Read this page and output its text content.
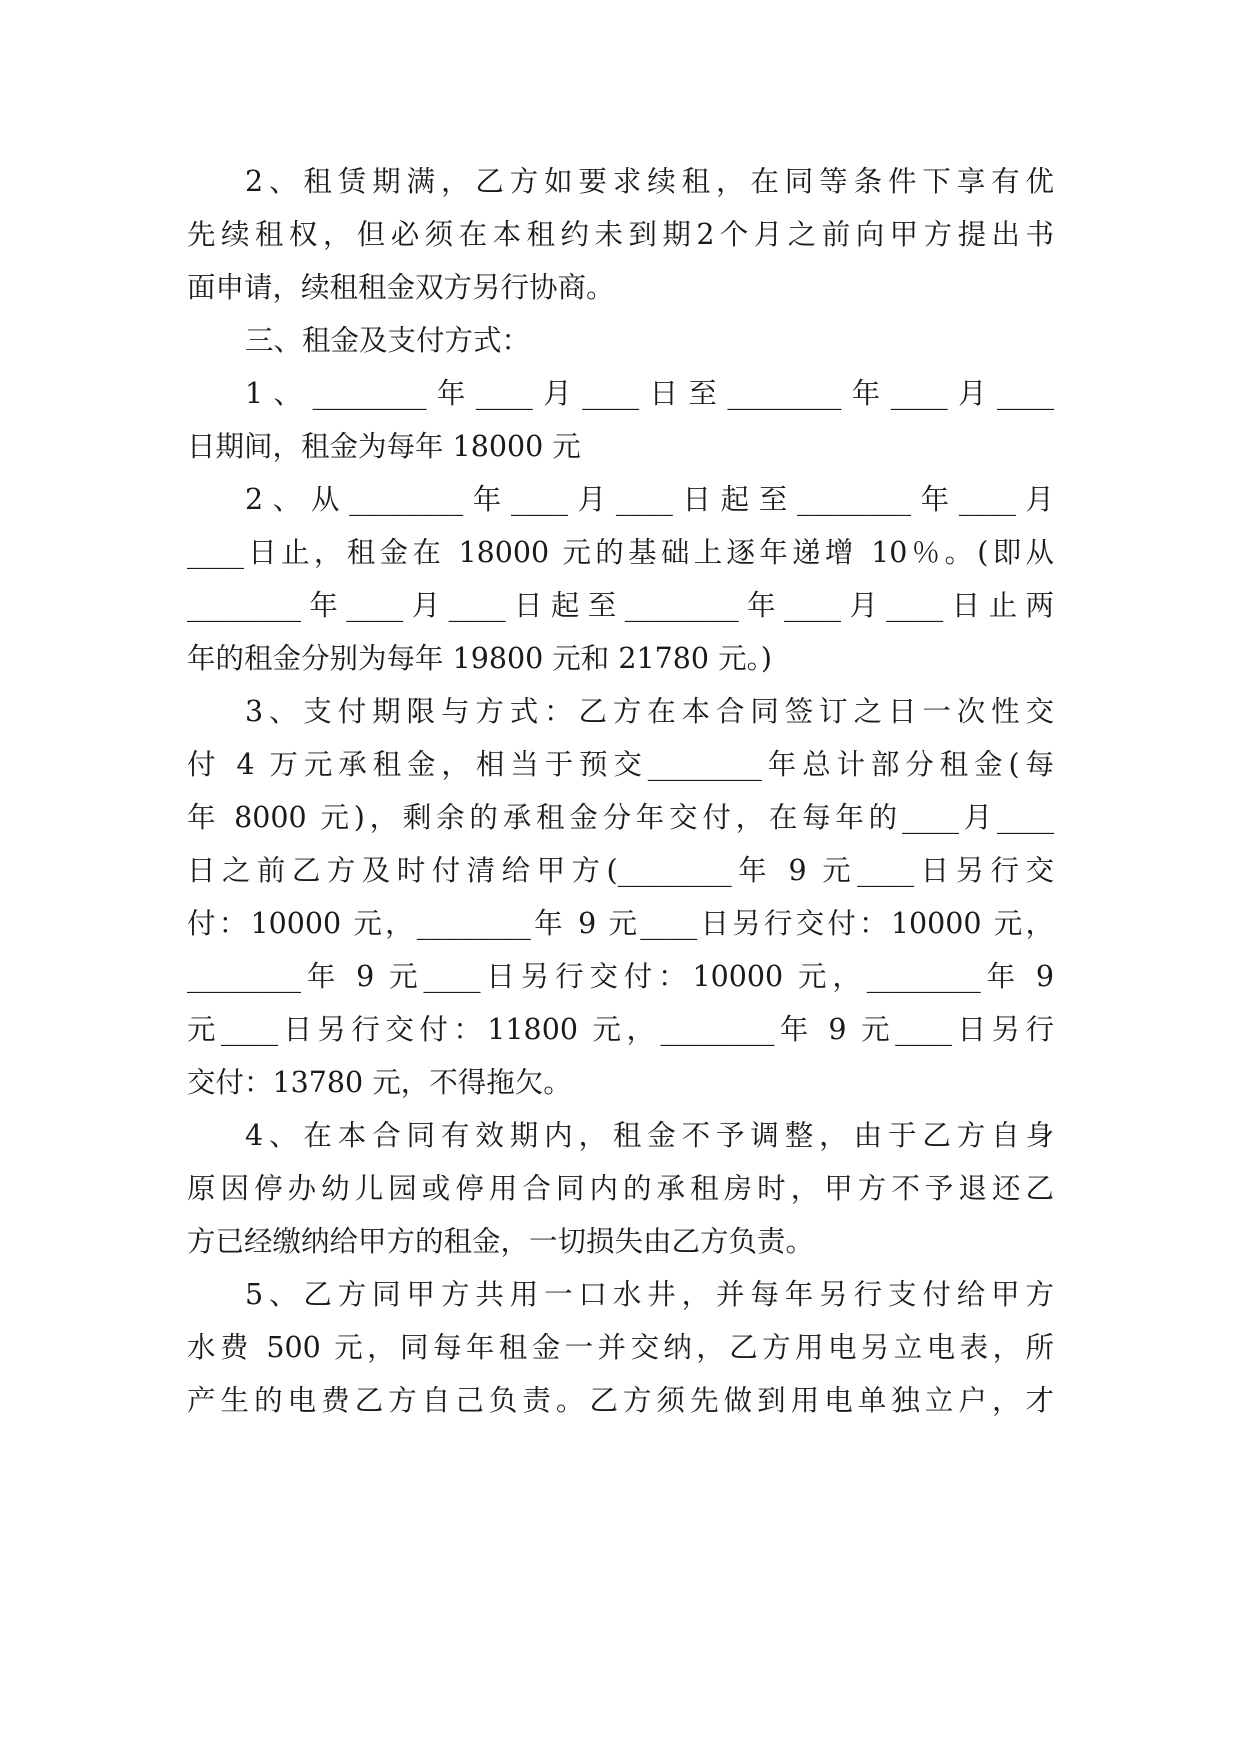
2、租赁期满，乙方如要求续租，在同等条件下享有优
先续租权，但必须在本租约未到期2个月之前向甲方提出书
面申请，续租租金双方另行协商。
三、租金及支付方式：
1、________年____月____日至________年____月____
日期间，租金为每年 18000 元
2、从________年____月____日起至________年____月
____日止，租金在 18000 元的基础上逐年递增 10％。(即从
________年____月____日起至________年____月____日止两
年的租金分别为每年 19800 元和 21780 元。)
3、支付期限与方式：乙方在本合同签订之日一次性交
付 4 万元承租金，相当于预交________年总计部分租金(每
年 8000 元)，剩余的承租金分年交付，在每年的____月____
日之前乙方及时付清给甲方(________年 9 元____日另行交
付：10000 元，________年 9 元____日另行交付：10000 元，
________年 9 元____日另行交付：10000 元，________年 9
元____日另行交付：11800 元，________年 9 元____日另行
交付：13780 元，不得拖欠。
4、在本合同有效期内，租金不予调整，由于乙方自身
原因停办幼儿园或停用合同内的承租房时，甲方不予退还乙
方已经缴纳给甲方的租金，一切损失由乙方负责。
5、乙方同甲方共用一口水井，并每年另行支付给甲方
水费 500 元，同每年租金一并交纳，乙方用电另立电表，所
产生的电费乙方自己负责。乙方须先做到用电单独立户，才
